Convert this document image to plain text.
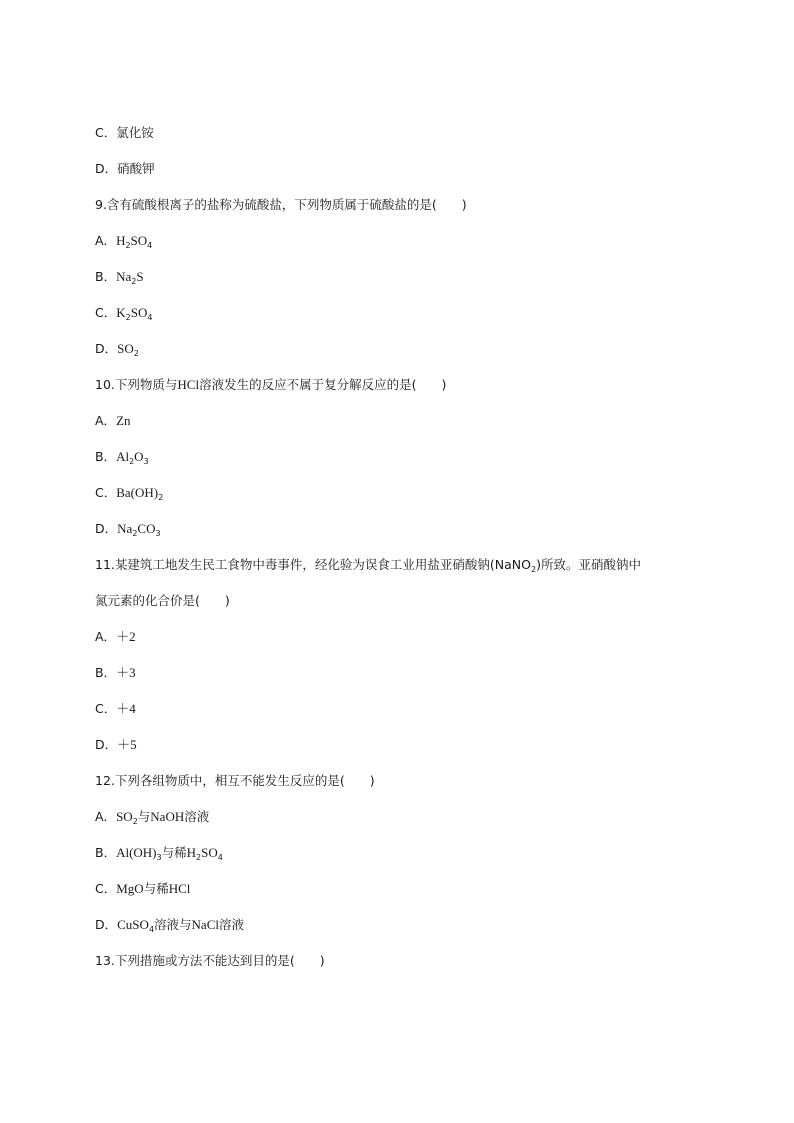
C．氯化铵
D．硝酸钾
9.含有硫酸根离子的盐称为硫酸盐，下列物质属于硫酸盐的是(　　)
A．$H_2SO_4$
B．$Na_2S$
C．$K_2SO_4$
D．$SO_2$
10.下列物质与HCl溶液发生的反应不属于复分解反应的是(　　)
A．Zn
B．$Al_2O_3$
C．$Ba(OH)_2$
D．$Na_2CO_3$
11.某建筑工地发生民工食物中毒事件，经化验为误食工业用盐亚硝酸钠(NaNO$_2$)所致。亚硝酸钠中
氮元素的化合价是(　　)
A．＋2
B．＋3
C．＋4
D．＋5
12.下列各组物质中，相互不能发生反应的是(　　)
A．$SO_2$与NaOH溶液
B．$Al(OH)_3$与稀$H_2SO_4$
C．MgO与稀HCl
D．CuSO$_4$溶液与NaCl溶液
13.下列措施或方法不能达到目的是(　　)
